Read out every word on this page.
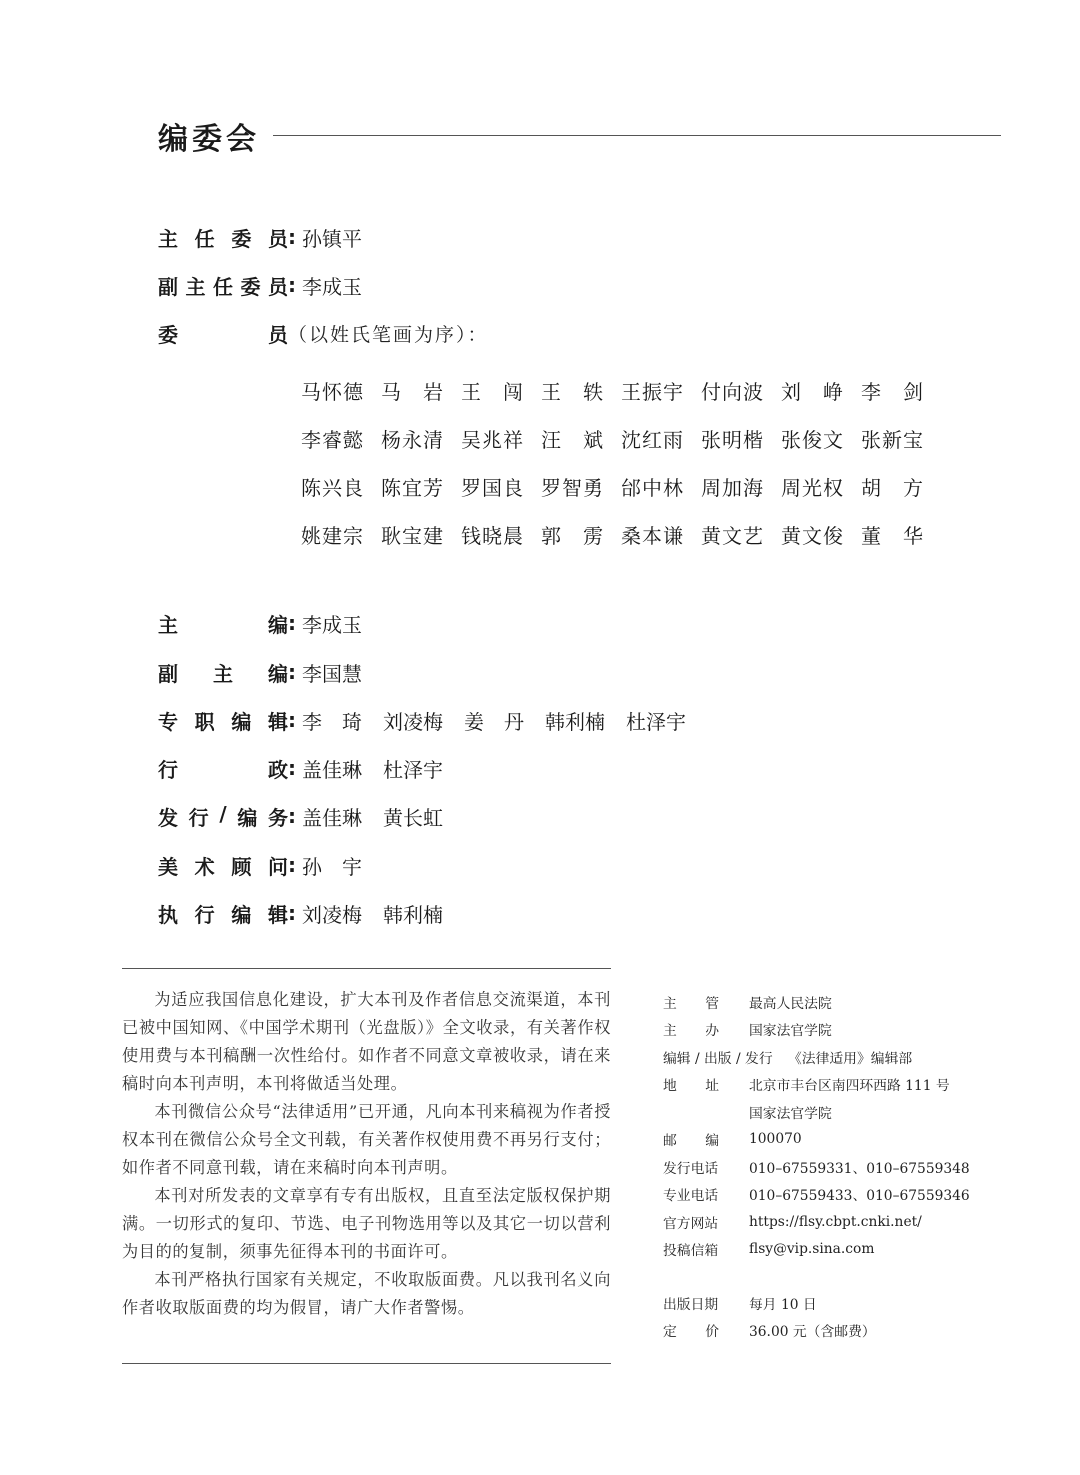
编委会
主 任 委 员 : 孙镇平
副 主 任 委 员 : 李成玉
委	员 （以姓氏笔画为序）：
马怀德 马　岩 王　闯 王　轶 王振宇 付向波 刘　峥 李　剑
李睿懿 杨永清 吴兆祥 汪　斌 沈红雨 张明楷 张俊文 张新宝
陈兴良 陈宜芳 罗国良 罗智勇 邰中林 周加海 周光权 胡　方
姚建宗 耿宝建 钱晓晨 郭　雳 桑本谦 黄文艺 黄文俊 董　华
主	编 : 李成玉
副 主 编 : 李国慧
专 职 编 辑 : 李　琦	刘凌梅	姜　丹	韩利楠	杜泽宇
行	政 : 盖佳琳	杜泽宇
发 行 / 编 务 : 盖佳琳	黄长虹
美 术 顾 问 : 孙　宇
执 行 编 辑 : 刘凌梅	韩利楠

为适应我国信息化建设，扩大本刊及作者信息交流渠道，本刊已被中国知网、《中国学术期刊（光盘版）》全文收录，有关著作权使用费与本刊稿酬一次性给付。如作者不同意文章被收录，请在来稿时向本刊声明，本刊将做适当处理。

本刊微信公众号“法律适用”已开通，凡向本刊来稿视为作者授权本刊在微信公众号全文刊载，有关著作权使用费不再另行支付；如作者不同意刊载，请在来稿时向本刊声明。

本刊对所发表的文章享有专有出版权，且直至法定版权保护期满。一切形式的复印、节选、电子刊物选用等以及其它一切以营利为目的的复制，须事先征得本刊的书面许可。

本刊严格执行国家有关规定，不收取版面费。凡以我刊名义向作者收取版面费的均为假冒，请广大作者警惕。

主 管 最高人民法院
主 办 国家法官学院
编辑 / 出版 / 发行	《法律适用》编辑部
地 址 北京市丰台区南四环西路 111 号
国家法官学院
邮 编 100070
发行电话	010–67559331、010–67559348
专业电话	010–67559433、010–67559346
官方网站	https://flsy.cbpt.cnki.net/
投稿信箱	flsy@vip.sina.com
出版日期	每月 10 日
定 价 36.00 元（含邮费）
